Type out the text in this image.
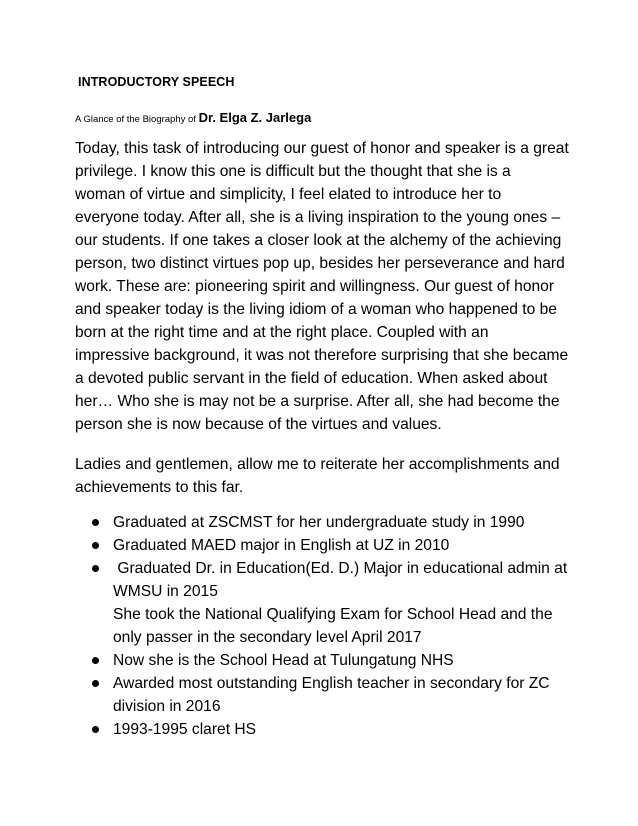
INTRODUCTORY SPEECH
A Glance of the Biography of Dr. Elga Z. Jarlega

Today, this task of introducing our guest of honor and speaker is a great
privilege. I know this one is difficult but the thought that she is a
woman of virtue and simplicity, I feel elated to introduce her to
everyone today. After all, she is a living inspiration to the young ones –
our students. If one takes a closer look at the alchemy of the achieving
person, two distinct virtues pop up, besides her perseverance and hard
work. These are: pioneering spirit and willingness. Our guest of honor
and speaker today is the living idiom of a woman who happened to be
born at the right time and at the right place. Coupled with an
impressive background, it was not therefore surprising that she became
a devoted public servant in the field of education. When asked about
her… Who she is may not be a surprise. After all, she had become the
person she is now because of the virtues and values.

Ladies and gentlemen, allow me to reiterate her accomplishments and
achievements to this far.

Graduated at ZSCMST for her undergraduate study in 1990
Graduated MAED major in English at UZ in 2010
Graduated Dr. in Education(Ed. D.) Major in educational admin at
WMSU in 2015
She took the National Qualifying Exam for School Head and the
only passer in the secondary level April 2017
Now she is the School Head at Tulungatung NHS
Awarded most outstanding English teacher in secondary for ZC
division in 2016
1993-1995 claret HS
